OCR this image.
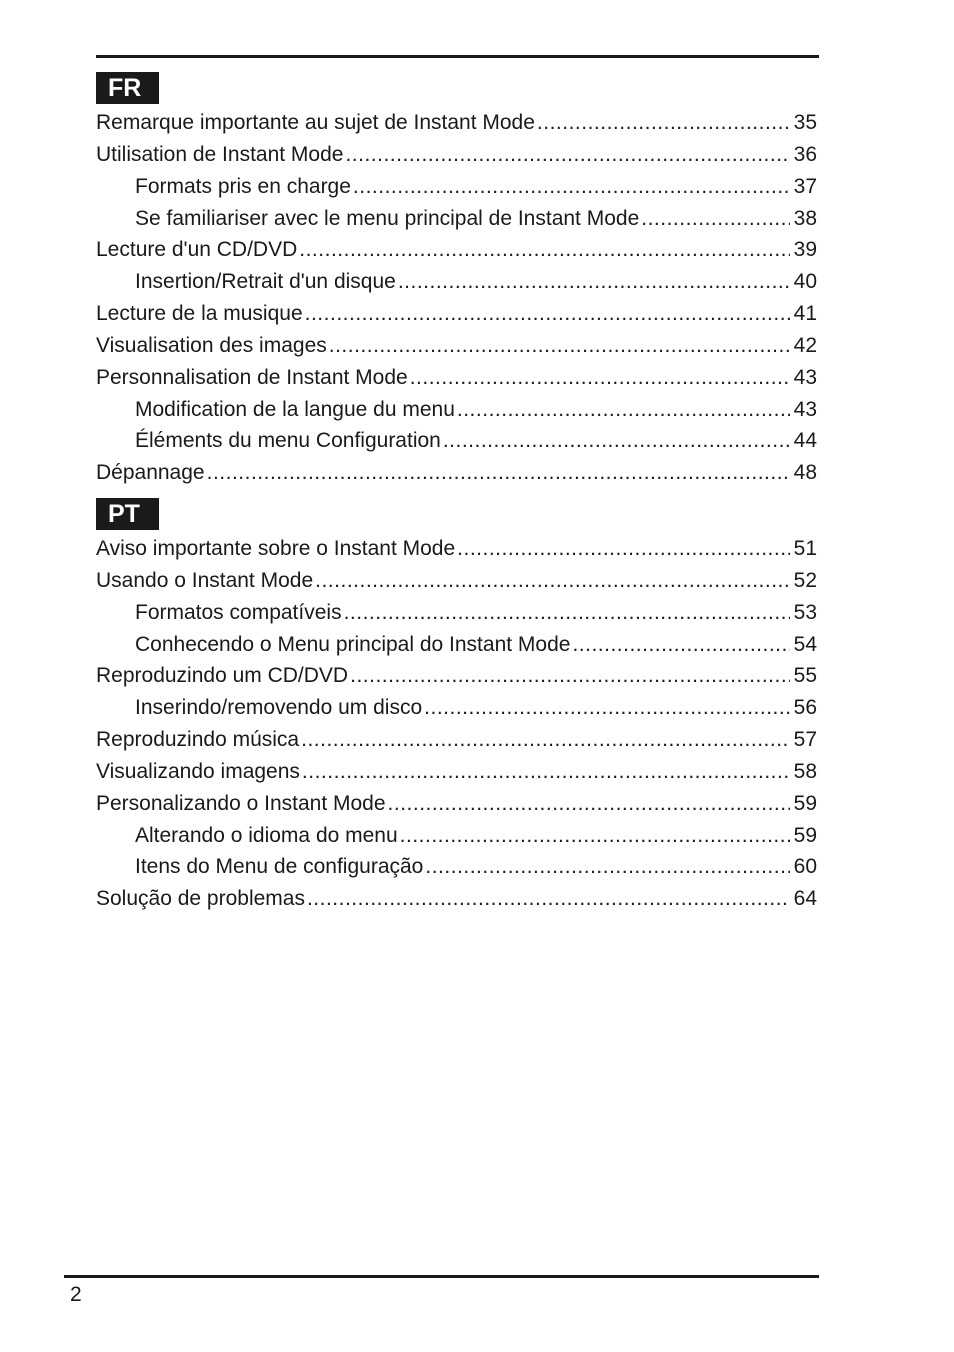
FR
Remarque importante au sujet de Instant Mode .....	35
Utilisation de Instant Mode .....	36
Formats pris en charge .....	37
Se familiariser avec le menu principal de Instant Mode .....	38
Lecture d'un CD/DVD .....	39
Insertion/Retrait d'un disque .....	40
Lecture de la musique .....	41
Visualisation des images .....	42
Personnalisation de Instant Mode .....	43
Modification de la langue du menu .....	43
Éléments du menu Configuration .....	44
Dépannage .....	48
PT
Aviso importante sobre o Instant Mode .....	51
Usando o Instant Mode .....	52
Formatos compatíveis .....	53
Conhecendo o Menu principal do Instant Mode .....	54
Reproduzindo um CD/DVD .....	55
Inserindo/removendo um disco .....	56
Reproduzindo música .....	57
Visualizando imagens .....	58
Personalizando o Instant Mode .....	59
Alterando o idioma do menu .....	59
Itens do Menu de configuração .....	60
Solução de problemas .....	64
2
